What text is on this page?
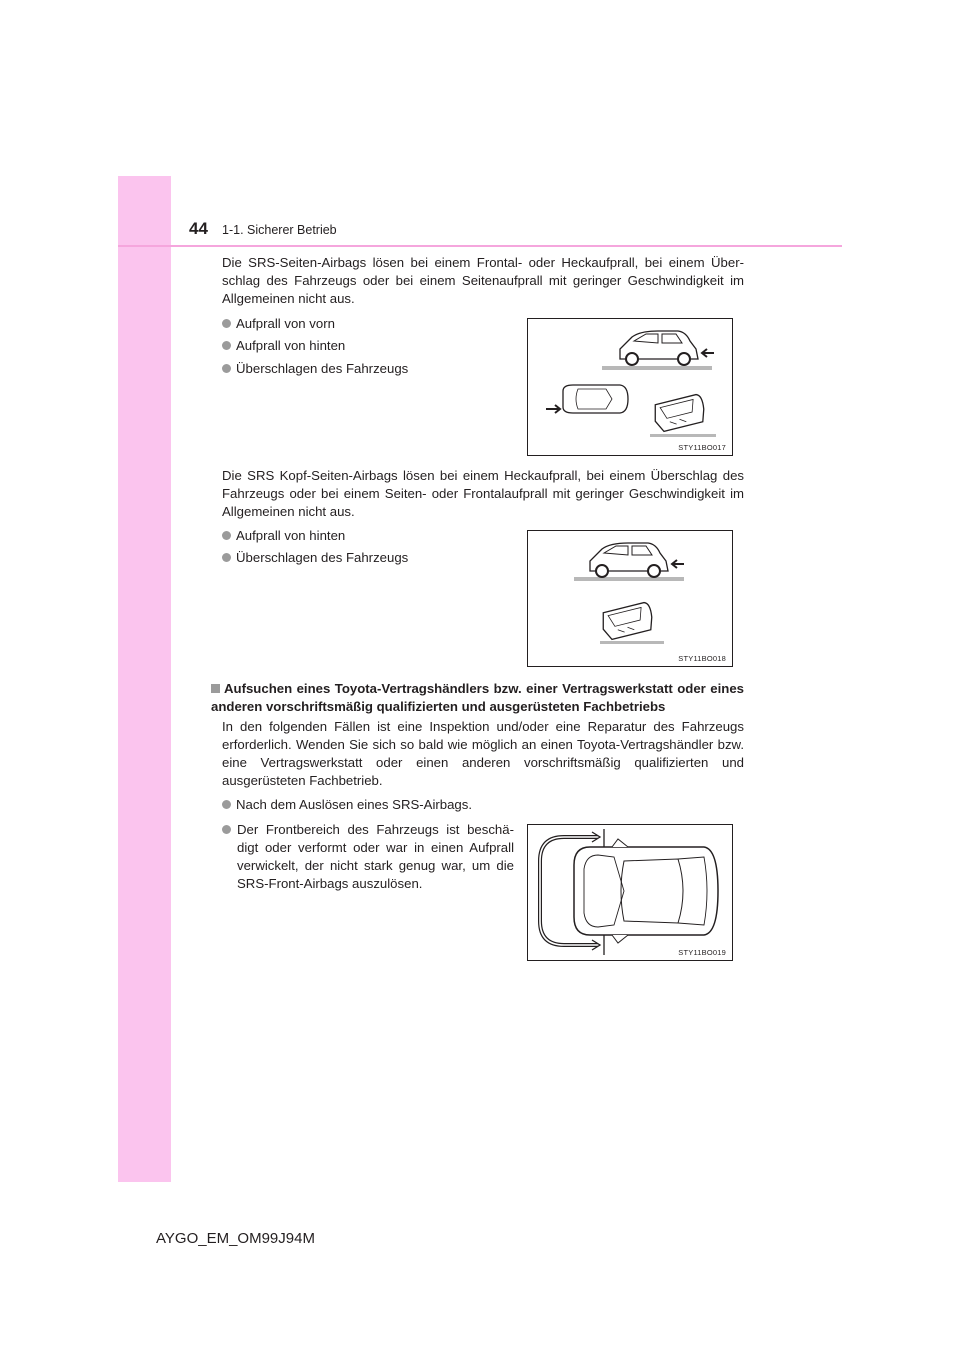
44 1-1. Sicherer Betrieb

Die SRS-Seiten-Airbags lösen bei einem Frontal- oder Heckaufprall, bei einem Über-schlag des Fahrzeugs oder bei einem Seitenaufprall mit geringer Geschwindigkeit im Allgemeinen nicht aus.

Aufprall von vorn

Aufprall von hinten

Überschlagen des Fahrzeugs

STY11BO017

Die SRS Kopf-Seiten-Airbags lösen bei einem Heckaufprall, bei einem Überschlag des Fahrzeugs oder bei einem Seiten- oder Frontalaufprall mit geringer Geschwindigkeit im Allgemeinen nicht aus.

Aufprall von hinten

Überschlagen des Fahrzeugs

STY11BO018

Aufsuchen eines Toyota-Vertragshändlers bzw. einer Vertragswerkstatt oder eines anderen vorschriftsmäßig qualifizierten und ausgerüsteten Fachbetriebs

In den folgenden Fällen ist eine Inspektion und/oder eine Reparatur des Fahrzeugs erforderlich. Wenden Sie sich so bald wie möglich an einen Toyota-Vertragshändler bzw. eine Vertragswerkstatt oder einen anderen vorschriftsmäßig qualifizierten und ausgerüsteten Fachbetrieb.

Nach dem Auslösen eines SRS-Airbags.

Der Frontbereich des Fahrzeugs ist beschä-digt oder verformt oder war in einen Aufprall verwickelt, der nicht stark genug war, um die SRS-Front-Airbags auszulösen.

STY11BO019
AYGO_EM_OM99J94M
